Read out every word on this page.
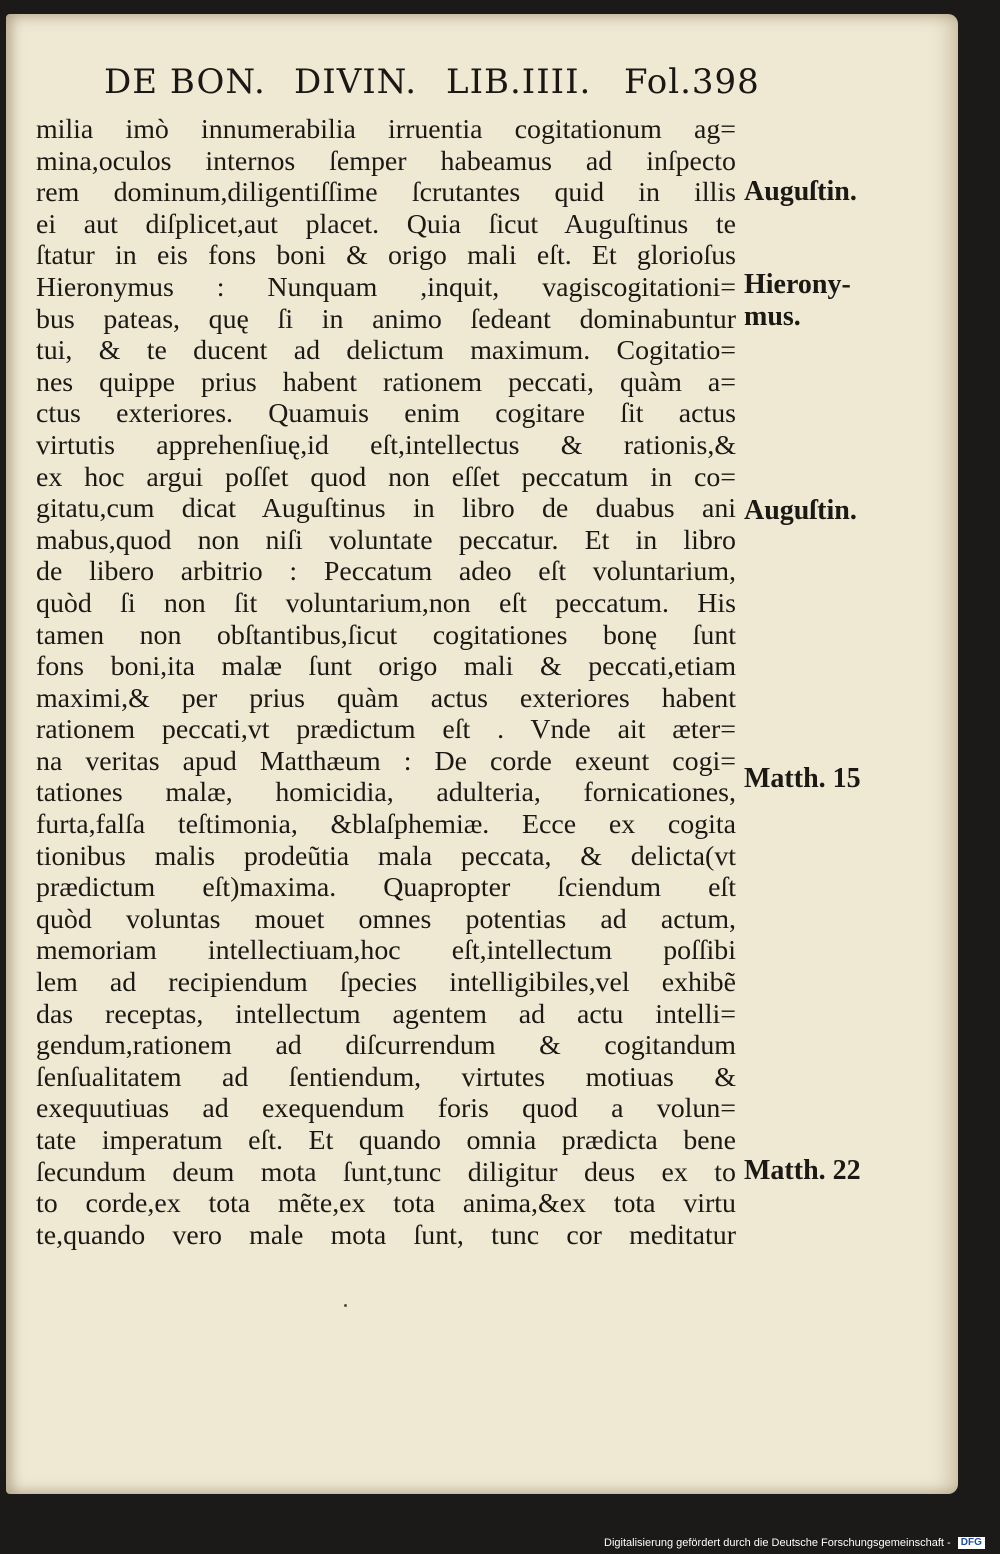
DE BON. DIVIN. LIB.IIII. Fol.398
milia imò innumerabilia irruentia cogitationum ag=
mina,oculos internos ſemper habeamus ad inſpecto
rem dominum,diligentiſſime ſcrutantes quid in illis
ei aut diſplicet,aut placet. Quia ſicut Auguſtinus te
ſtatur in eis fons boni & origo mali eſt. Et glorioſus
Hieronymus : Nunquam ,inquit, vagiscogitationi=
bus pateas, quę ſi in animo ſedeant dominabuntur
tui, & te ducent ad delictum maximum. Cogitatio=
nes quippe prius habent rationem peccati, quàm a=
ctus exteriores. Quamuis enim cogitare ſit actus
virtutis apprehenſiuę,id eſt,intellectus & rationis,&
ex hoc argui poſſet quod non eſſet peccatum in co=
gitatu,cum dicat Auguſtinus in libro de duabus ani
mabus,quod non niſi voluntate peccatur. Et in libro
de libero arbitrio : Peccatum adeo eſt voluntarium,
quòd ſi non ſit voluntarium,non eſt peccatum. His
tamen non obſtantibus,ſicut cogitationes bonę ſunt
fons boni,ita malæ ſunt origo mali & peccati,etiam
maximi,& per prius quàm actus exteriores habent
rationem peccati,vt prædictum eſt . Vnde ait æter=
na veritas apud Matthæum : De corde exeunt cogi=
tationes malæ, homicidia, adulteria, fornicationes,
furta,falſa teſtimonia, &blaſphemiæ. Ecce ex cogita
tionibus malis prodeũtia mala peccata, & delicta(vt
prædictum eſt)maxima. Quapropter ſciendum eſt
quòd voluntas mouet omnes potentias ad actum,
memoriam intellectiuam,hoc eſt,intellectum poſſibi
lem ad recipiendum ſpecies intelligibiles,vel exhibẽ
das receptas, intellectum agentem ad actu intelli=
gendum,rationem ad diſcurrendum & cogitandum
ſenſualitatem ad ſentiendum, virtutes motiuas &
exequutiuas ad exequendum foris quod a volun=
tate imperatum eſt. Et quando omnia prædicta bene
ſecundum deum mota ſunt,tunc diligitur deus ex to
to corde,ex tota mẽte,ex tota anima,&ex tota virtu
te,quando vero male mota ſunt, tunc cor meditatur
Auguſtin.
Hierony-
mus.
Auguſtin.
Matth. 15
Matth. 22
Digitalisierung gefördert durch die Deutsche Forschungsgemeinschaft - DFG
